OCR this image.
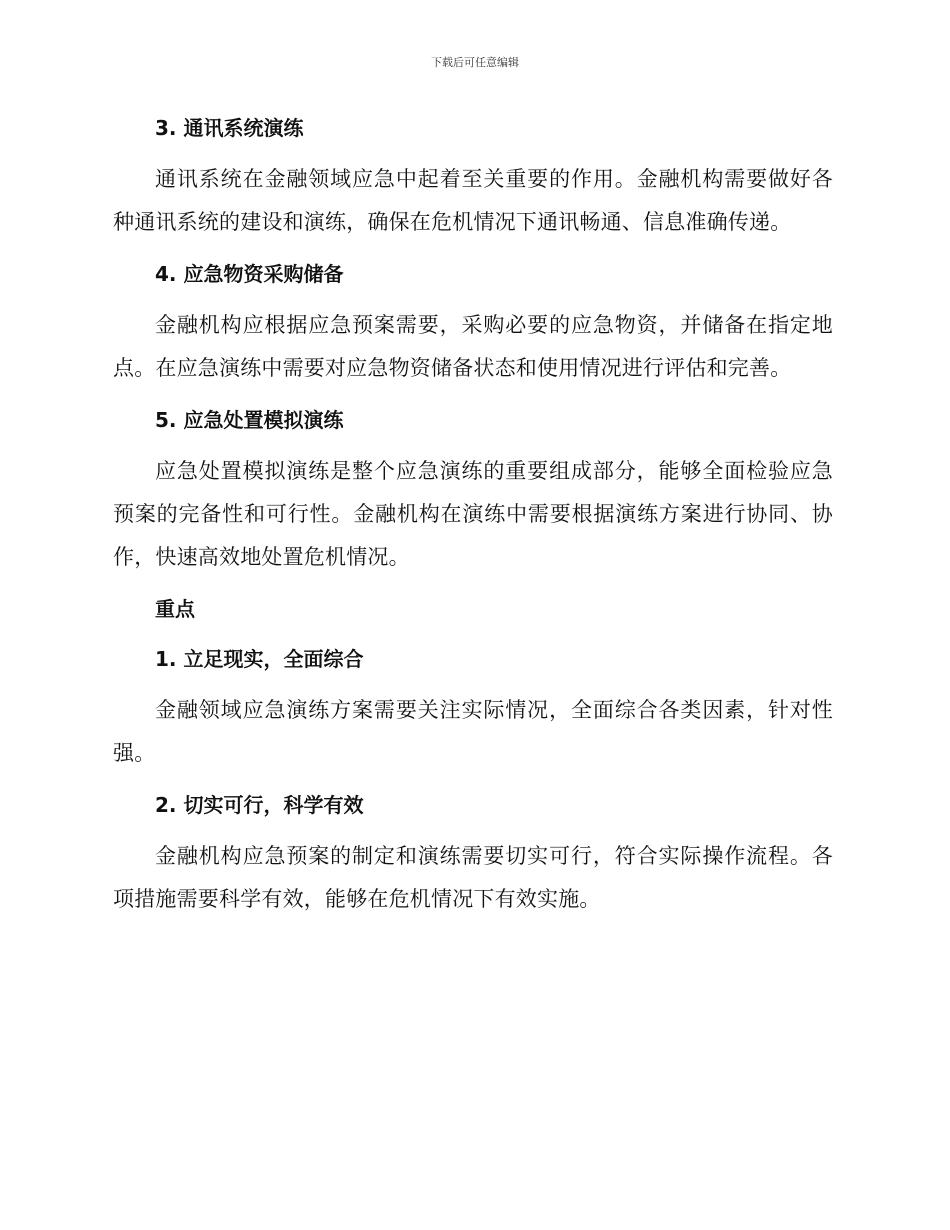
下载后可任意编辑
3. 通讯系统演练
通讯系统在金融领域应急中起着至关重要的作用。金融机构需要做好各种通讯系统的建设和演练，确保在危机情况下通讯畅通、信息准确传递。
4. 应急物资采购储备
金融机构应根据应急预案需要，采购必要的应急物资，并储备在指定地点。在应急演练中需要对应急物资储备状态和使用情况进行评估和完善。
5. 应急处置模拟演练
应急处置模拟演练是整个应急演练的重要组成部分，能够全面检验应急预案的完备性和可行性。金融机构在演练中需要根据演练方案进行协同、协作，快速高效地处置危机情况。
重点
1. 立足现实，全面综合
金融领域应急演练方案需要关注实际情况，全面综合各类因素，针对性强。
2. 切实可行，科学有效
金融机构应急预案的制定和演练需要切实可行，符合实际操作流程。各项措施需要科学有效，能够在危机情况下有效实施。
